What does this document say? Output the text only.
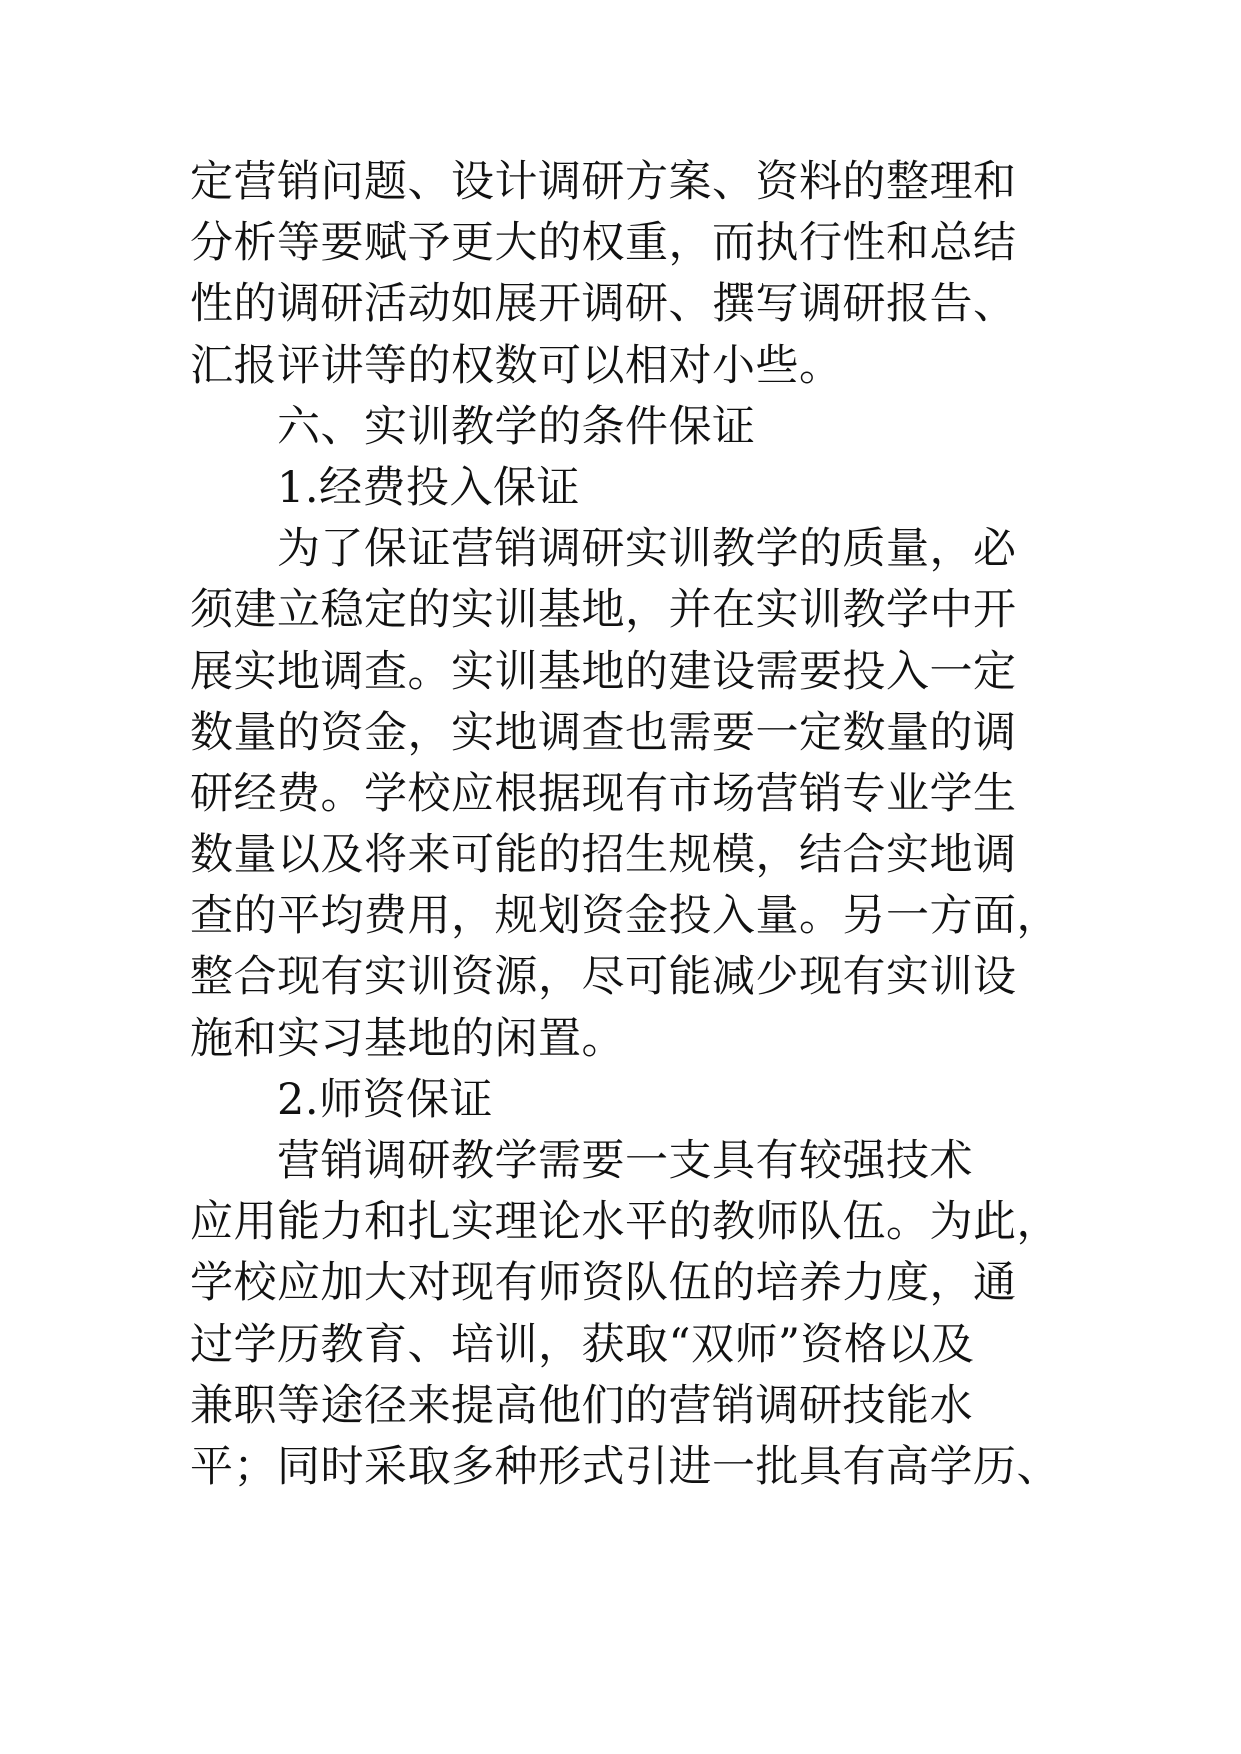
定营销问题、设计调研方案、资料的整理和
分析等要赋予更大的权重，而执行性和总结
性的调研活动如展开调研、撰写调研报告、
汇报评讲等的权数可以相对小些。
六、实训教学的条件保证
1.经费投入保证
为了保证营销调研实训教学的质量，必
须建立稳定的实训基地，并在实训教学中开
展实地调查。实训基地的建设需要投入一定
数量的资金，实地调查也需要一定数量的调
研经费。学校应根据现有市场营销专业学生
数量以及将来可能的招生规模，结合实地调
查的平均费用，规划资金投入量。另一方面，
整合现有实训资源，尽可能减少现有实训设
施和实习基地的闲置。
2.师资保证
营销调研教学需要一支具有较强技术
应用能力和扎实理论水平的教师队伍。为此，
学校应加大对现有师资队伍的培养力度，通
过学历教育、培训，获取“双师”资格以及
兼职等途径来提高他们的营销调研技能水
平；同时采取多种形式引进一批具有高学历、
